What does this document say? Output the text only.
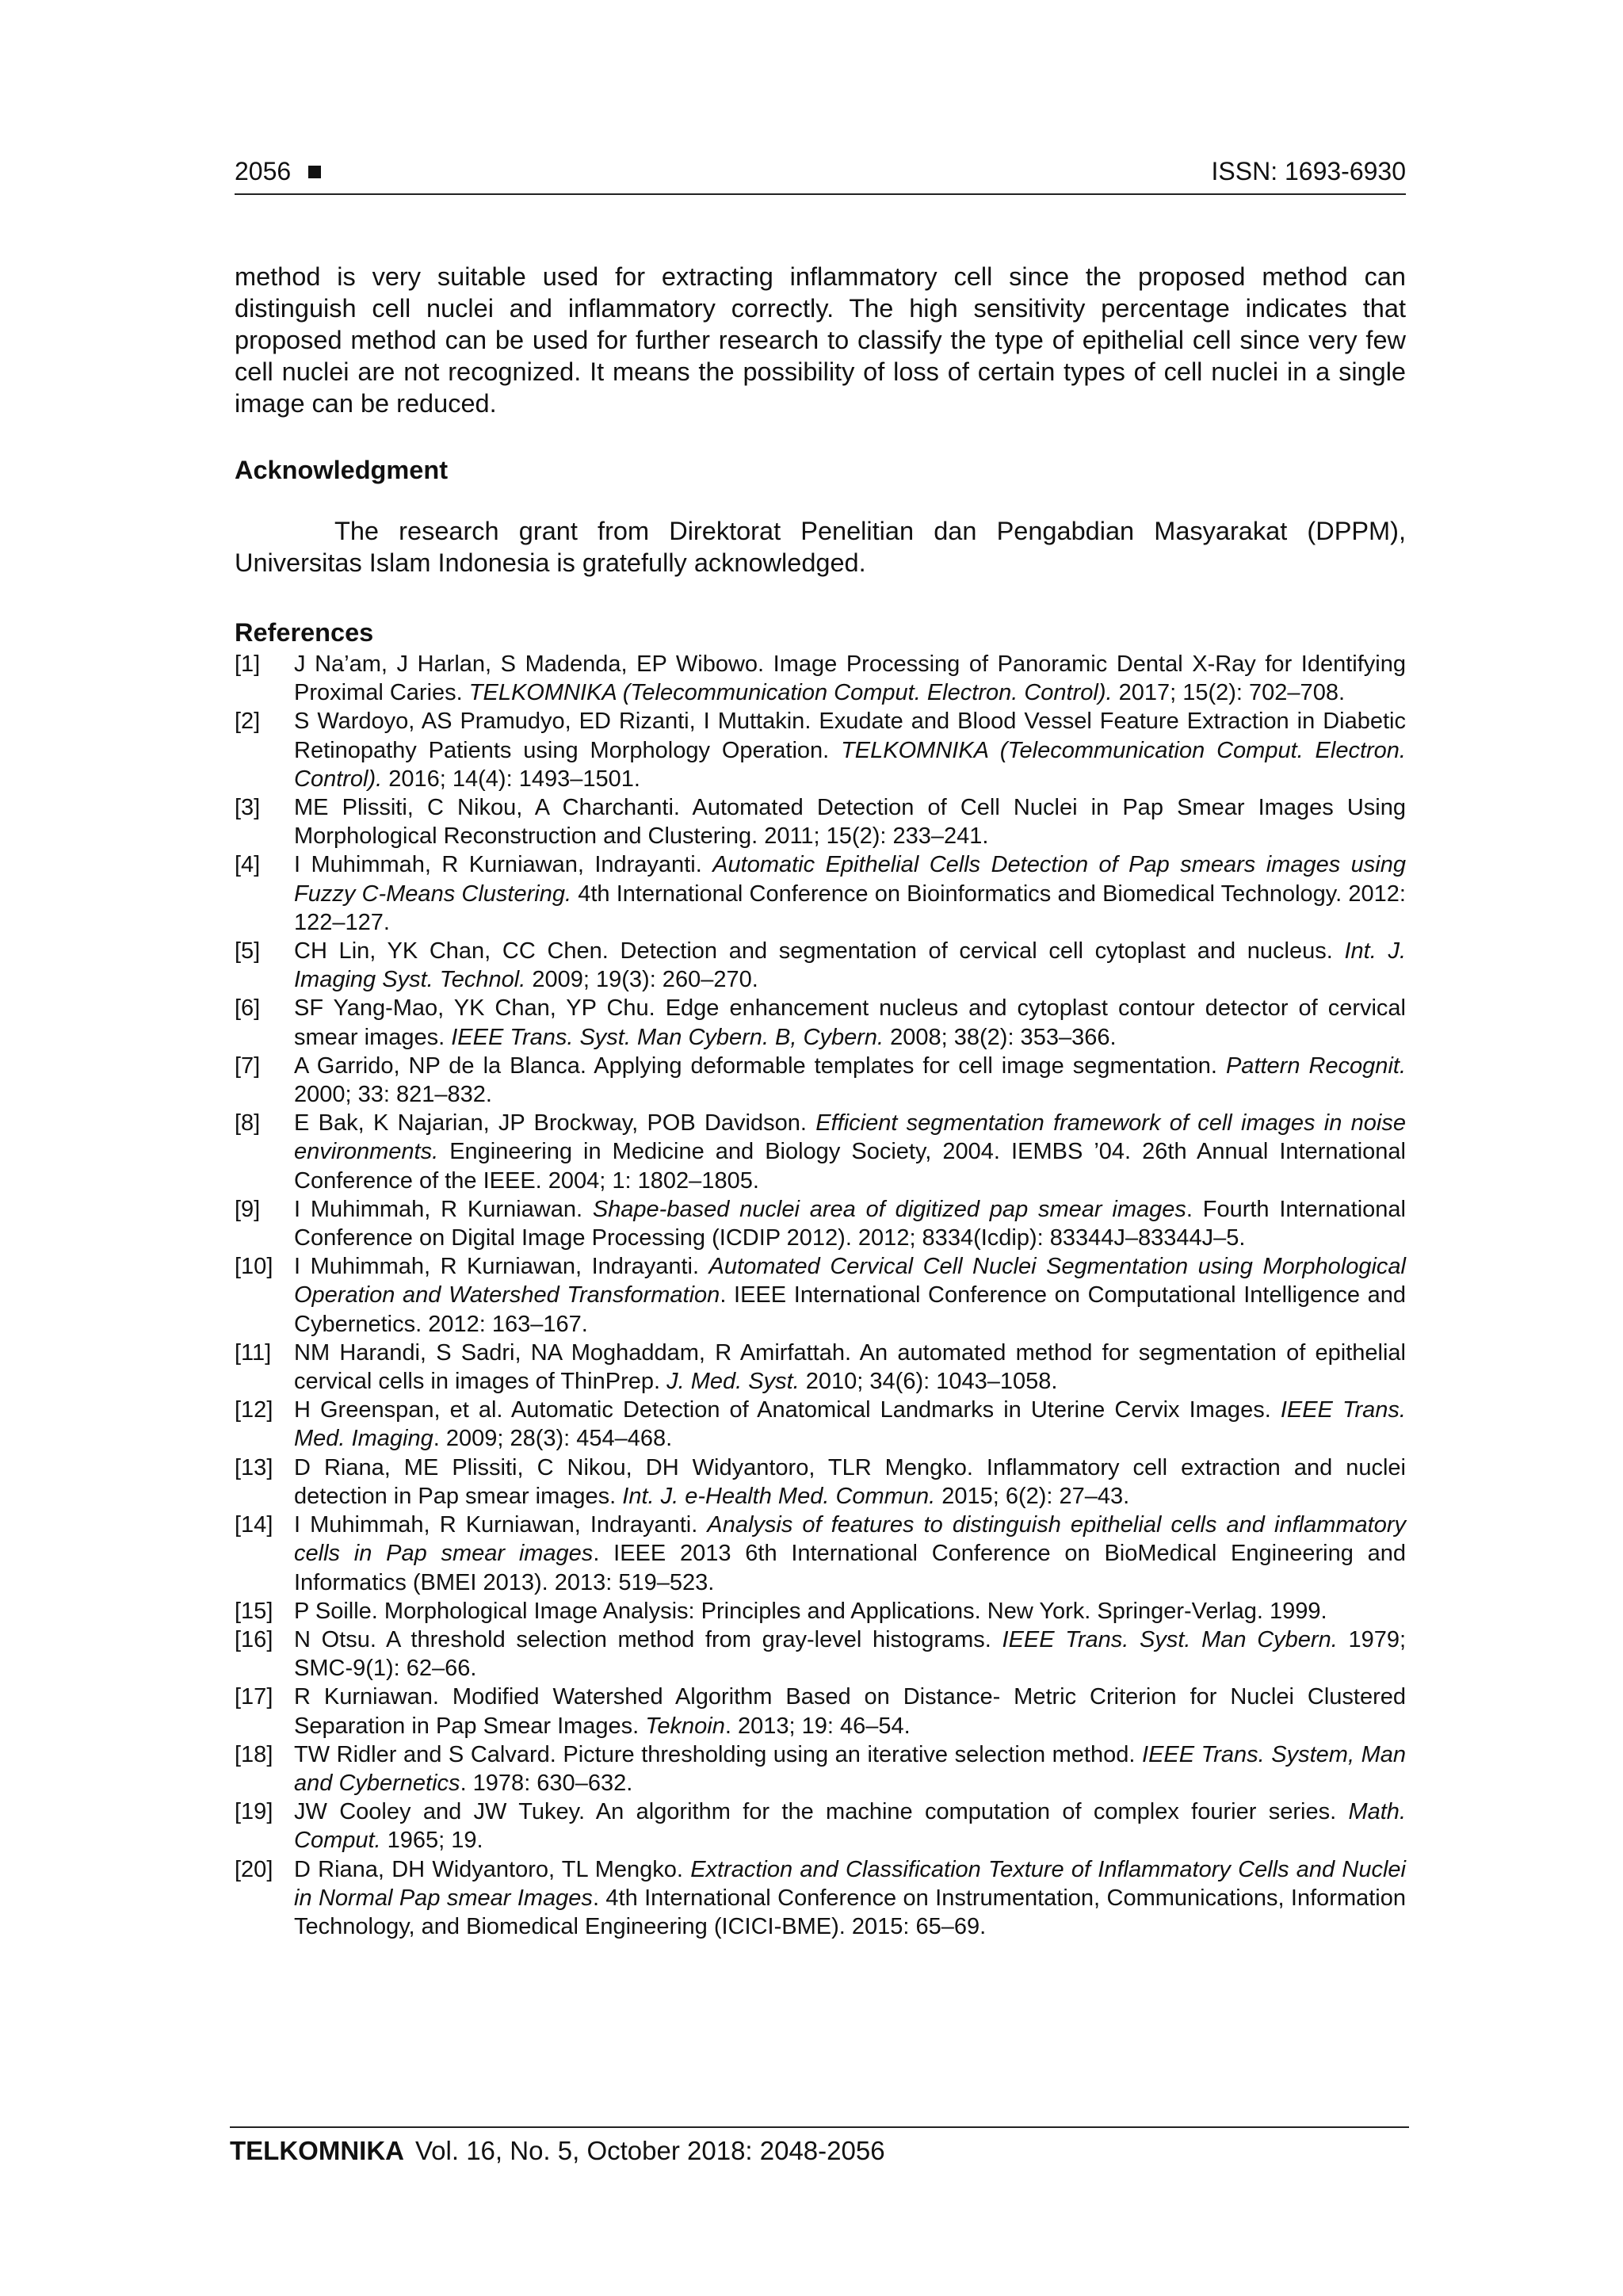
2056	ISSN: 1693-6930

method is very suitable used for extracting inflammatory cell since the proposed method can distinguish cell nuclei and inflammatory correctly. The high sensitivity percentage indicates that proposed method can be used for further research to classify the type of epithelial cell since very few cell nuclei are not recognized. It means the possibility of loss of certain types of cell nuclei in a single image can be reduced.

Acknowledgment

The research grant from Direktorat Penelitian dan Pengabdian Masyarakat (DPPM), Universitas Islam Indonesia is gratefully acknowledged.

References
[1] J Na’am, J Harlan, S Madenda, EP Wibowo. Image Processing of Panoramic Dental X-Ray for Identifying Proximal Caries. TELKOMNIKA (Telecommunication Comput. Electron. Control). 2017; 15(2): 702–708.
[2] S Wardoyo, AS Pramudyo, ED Rizanti, I Muttakin. Exudate and Blood Vessel Feature Extraction in Diabetic Retinopathy Patients using Morphology Operation. TELKOMNIKA (Telecommunication Comput. Electron. Control). 2016; 14(4): 1493–1501.
[3] ME Plissiti, C Nikou, A Charchanti. Automated Detection of Cell Nuclei in Pap Smear Images Using Morphological Reconstruction and Clustering. 2011; 15(2): 233–241.
[4] I Muhimmah, R Kurniawan, Indrayanti. Automatic Epithelial Cells Detection of Pap smears images using Fuzzy C-Means Clustering. 4th International Conference on Bioinformatics and Biomedical Technology. 2012: 122–127.
[5] CH Lin, YK Chan, CC Chen. Detection and segmentation of cervical cell cytoplast and nucleus. Int. J. Imaging Syst. Technol. 2009; 19(3): 260–270.
[6] SF Yang-Mao, YK Chan, YP Chu. Edge enhancement nucleus and cytoplast contour detector of cervical smear images. IEEE Trans. Syst. Man Cybern. B, Cybern. 2008; 38(2): 353–366.
[7] A Garrido, NP de la Blanca. Applying deformable templates for cell image segmentation. Pattern Recognit. 2000; 33: 821–832.
[8] E Bak, K Najarian, JP Brockway, POB Davidson. Efficient segmentation framework of cell images in noise environments. Engineering in Medicine and Biology Society, 2004. IEMBS ’04. 26th Annual International Conference of the IEEE. 2004; 1: 1802–1805.
[9] I Muhimmah, R Kurniawan. Shape-based nuclei area of digitized pap smear images. Fourth International Conference on Digital Image Processing (ICDIP 2012). 2012; 8334(Icdip): 83344J–83344J–5.
[10] I Muhimmah, R Kurniawan, Indrayanti. Automated Cervical Cell Nuclei Segmentation using Morphological Operation and Watershed Transformation. IEEE International Conference on Computational Intelligence and Cybernetics. 2012: 163–167.
[11] NM Harandi, S Sadri, NA Moghaddam, R Amirfattah. An automated method for segmentation of epithelial cervical cells in images of ThinPrep. J. Med. Syst. 2010; 34(6): 1043–1058.
[12] H Greenspan, et al. Automatic Detection of Anatomical Landmarks in Uterine Cervix Images. IEEE Trans. Med. Imaging. 2009; 28(3): 454–468.
[13] D Riana, ME Plissiti, C Nikou, DH Widyantoro, TLR Mengko. Inflammatory cell extraction and nuclei detection in Pap smear images. Int. J. e-Health Med. Commun. 2015; 6(2): 27–43.
[14] I Muhimmah, R Kurniawan, Indrayanti. Analysis of features to distinguish epithelial cells and inflammatory cells in Pap smear images. IEEE 2013 6th International Conference on BioMedical Engineering and Informatics (BMEI 2013). 2013: 519–523.
[15] P Soille. Morphological Image Analysis: Principles and Applications. New York. Springer-Verlag. 1999.
[16] N Otsu. A threshold selection method from gray-level histograms. IEEE Trans. Syst. Man Cybern. 1979; SMC-9(1): 62–66.
[17] R Kurniawan. Modified Watershed Algorithm Based on Distance- Metric Criterion for Nuclei Clustered Separation in Pap Smear Images. Teknoin. 2013; 19: 46–54.
[18] TW Ridler and S Calvard. Picture thresholding using an iterative selection method. IEEE Trans. System, Man and Cybernetics. 1978: 630–632.
[19] JW Cooley and JW Tukey. An algorithm for the machine computation of complex fourier series. Math. Comput. 1965; 19.
[20] D Riana, DH Widyantoro, TL Mengko. Extraction and Classification Texture of Inflammatory Cells and Nuclei in Normal Pap smear Images. 4th International Conference on Instrumentation, Communications, Information Technology, and Biomedical Engineering (ICICI-BME). 2015: 65–69.
TELKOMNIKA Vol. 16, No. 5, October 2018: 2048-2056
